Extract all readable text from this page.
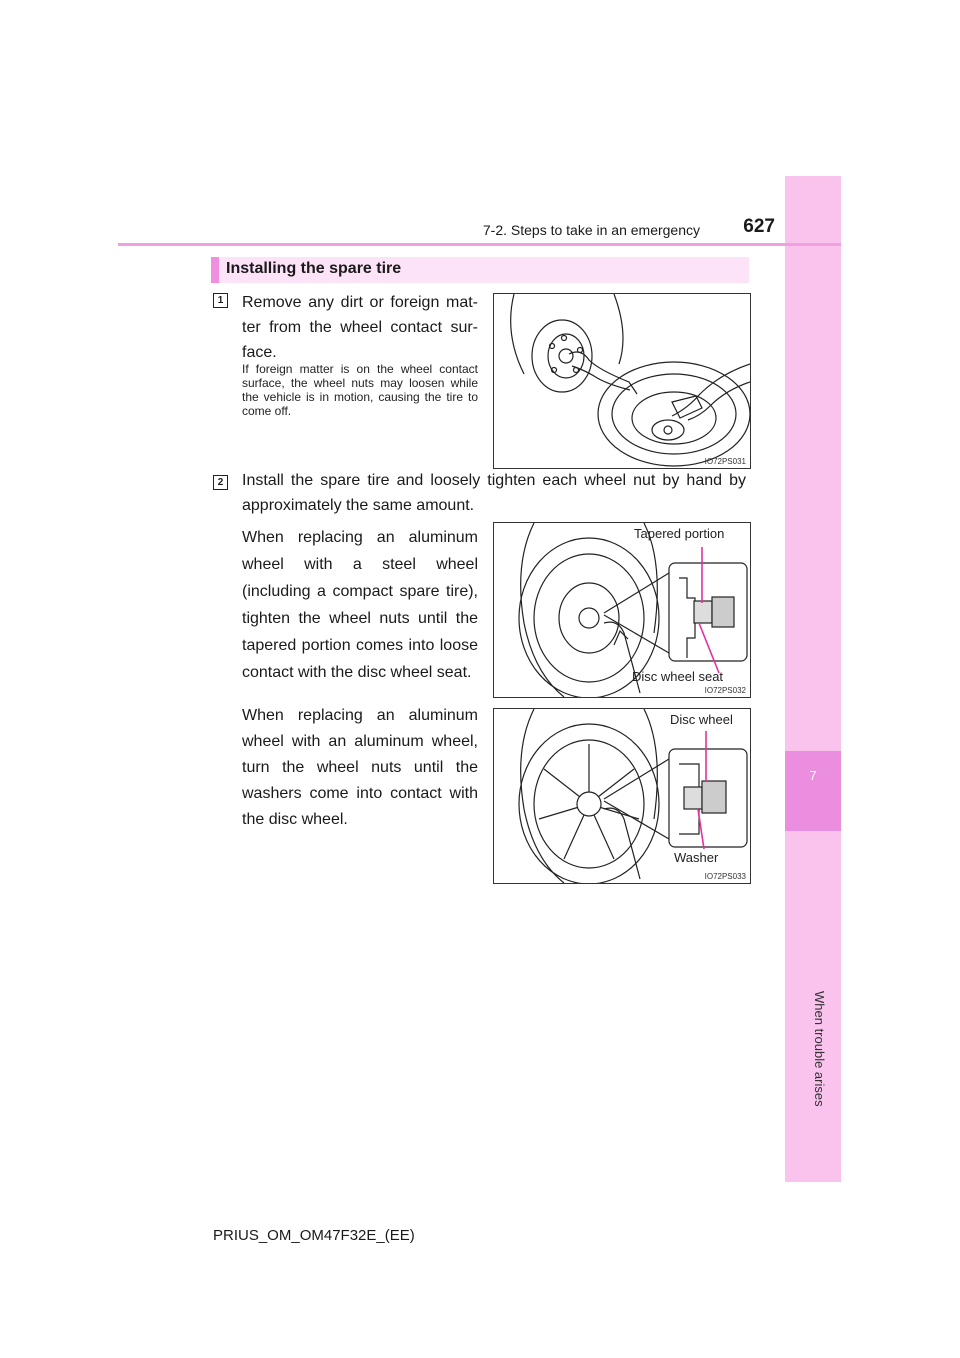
7
When trouble arises
7-2. Steps to take in an emergency	627
Installing the spare tire
1 Remove any dirt or foreign mat-ter from the wheel contact sur-face.
If foreign matter is on the wheel contact surface, the wheel nuts may loosen while the vehicle is in motion, causing the tire to come off.
IO72PS031
2 Install the spare tire and loosely tighten each wheel nut by hand by approximately the same amount.
When replacing an aluminum wheel with a steel wheel (including a compact spare tire), tighten the wheel nuts until the tapered portion comes into loose contact with the disc wheel seat.
Tapered portion
Disc wheel seat
IO72PS032
When replacing an aluminum wheel with an aluminum wheel, turn the wheel nuts until the washers come into contact with the disc wheel.
Disc wheel
Washer
IO72PS033
PRIUS_OM_OM47F32E_(EE)
